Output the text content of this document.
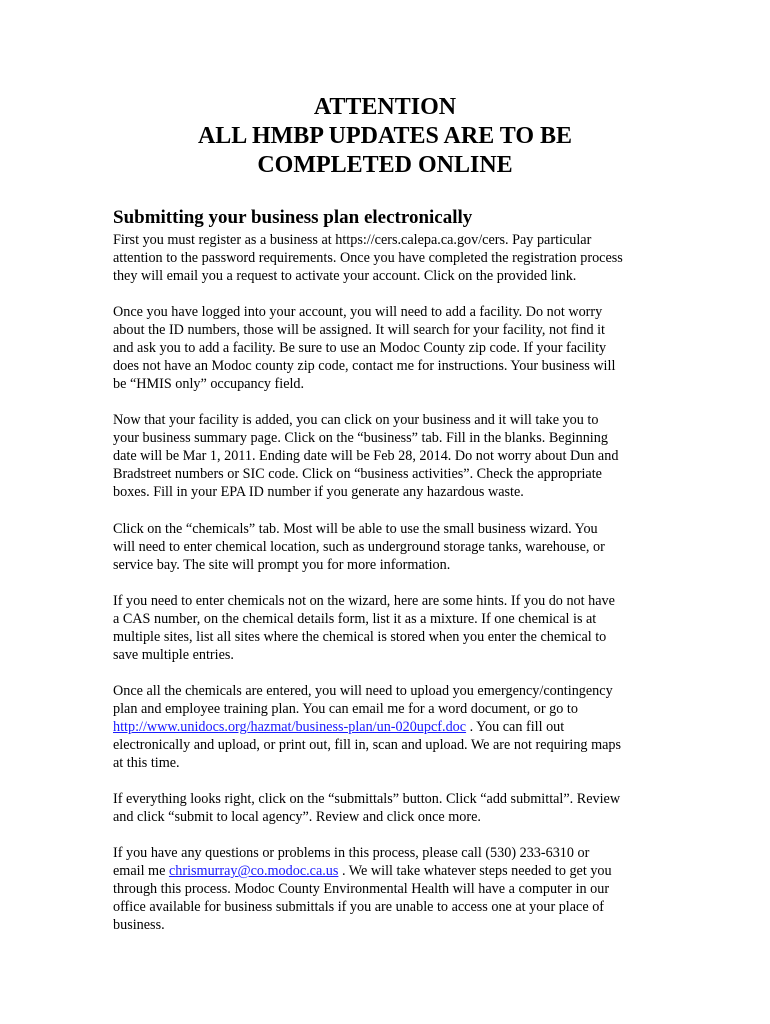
ATTENTION
ALL HMBP UPDATES ARE TO BE
COMPLETED ONLINE
Submitting your business plan electronically
First you must register as a business at https://cers.calepa.ca.gov/cers. Pay particular
attention to the password requirements. Once you have completed the registration process
they will email you a request to activate your account. Click on the provided link.
Once you have logged into your account, you will need to add a facility. Do not worry
about the ID numbers, those will be assigned. It will search for your facility, not find it
and ask you to add a facility. Be sure to use an Modoc County zip code. If your facility
does not have an Modoc county zip code, contact me for instructions. Your business will
be “HMIS only” occupancy field.
Now that your facility is added, you can click on your business and it will take you to
your business summary page. Click on the “business” tab. Fill in the blanks. Beginning
date will be Mar 1, 2011. Ending date will be Feb 28, 2014. Do not worry about Dun and
Bradstreet numbers or SIC code. Click on “business activities”. Check the appropriate
boxes. Fill in your EPA ID number if you generate any hazardous waste.
Click on the “chemicals” tab. Most will be able to use the small business wizard. You
will need to enter chemical location, such as underground storage tanks, warehouse, or
service bay. The site will prompt you for more information.
If you need to enter chemicals not on the wizard, here are some hints. If you do not have
a CAS number, on the chemical details form, list it as a mixture. If one chemical is at
multiple sites, list all sites where the chemical is stored when you enter the chemical to
save multiple entries.
Once all the chemicals are entered, you will need to upload you emergency/contingency
plan and employee training plan. You can email me for a word document, or go to
http://www.unidocs.org/hazmat/business-plan/un-020upcf.doc . You can fill out
electronically and upload, or print out, fill in, scan and upload. We are not requiring maps
at this time.
If everything looks right, click on the “submittals” button. Click “add submittal”. Review
and click “submit to local agency”. Review and click once more.
If you have any questions or problems in this process, please call (530) 233-6310 or
email me chrismurray@co.modoc.ca.us . We will take whatever steps needed to get you
through this process. Modoc County Environmental Health will have a computer in our
office available for business submittals if you are unable to access one at your place of
business.
